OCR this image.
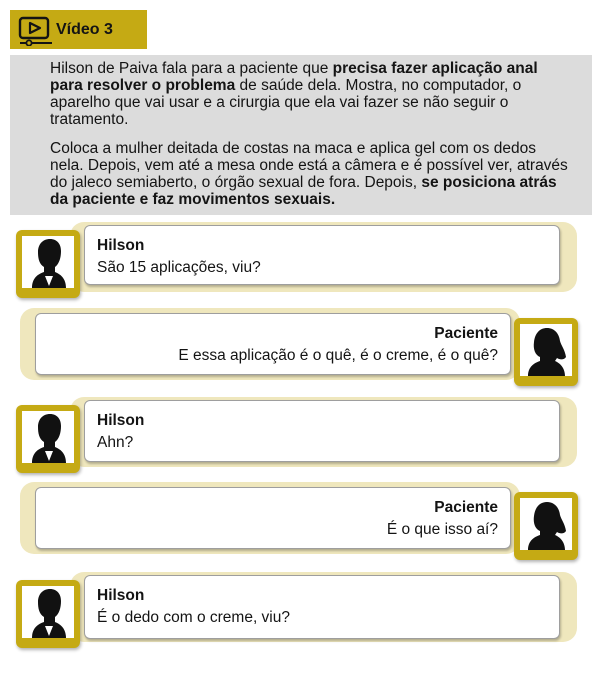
Vídeo 3

Hilson de Paiva fala para a paciente que precisa fazer aplicação anal para resolver o problema de saúde dela. Mostra, no computador, o aparelho que vai usar e a cirurgia que ela vai fazer se não seguir o tratamento.

Coloca a mulher deitada de costas na maca e aplica gel com os dedos nela. Depois, vem até a mesa onde está a câmera e é possível ver, através do jaleco semiaberto, o órgão sexual de fora. Depois, se posiciona atrás da paciente e faz movimentos sexuais.

Hilson
São 15 aplicações, viu?
Paciente
E essa aplicação é o quê, é o creme, é o quê?
Hilson
Ahn?
Paciente
É o que isso aí?
Hilson
É o dedo com o creme, viu?
